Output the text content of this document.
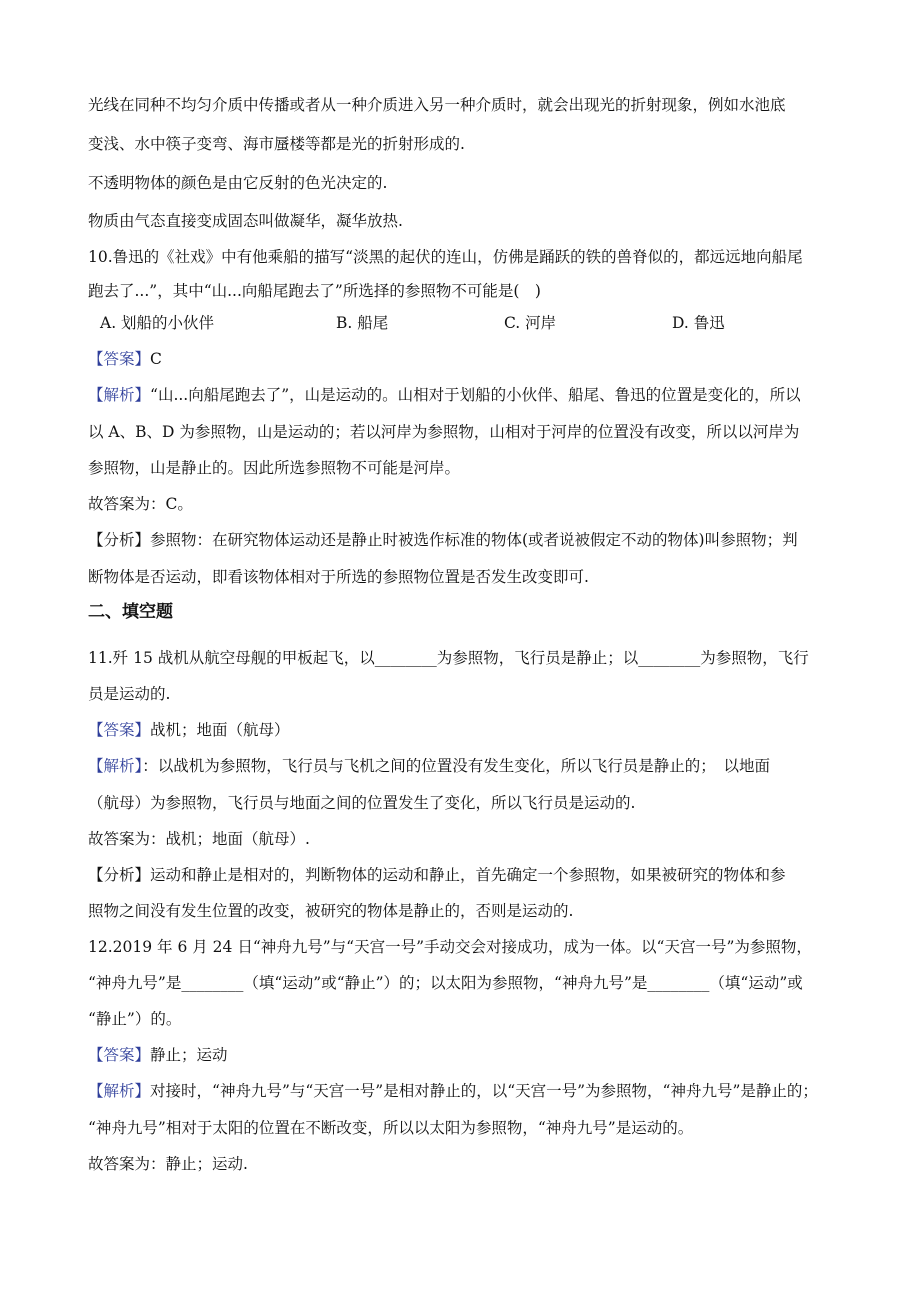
光线在同种不均匀介质中传播或者从一种介质进入另一种介质时，就会出现光的折射现象，例如水池底
变浅、水中筷子变弯、海市蜃楼等都是光的折射形成的.
不透明物体的颜色是由它反射的色光决定的.
物质由气态直接变成固态叫做凝华，凝华放热.
10.鲁迅的《社戏》中有他乘船的描写“淡黑的起伏的连山，仿佛是踊跃的铁的兽脊似的，都远远地向船尾
跑去了...”，其中“山...向船尾跑去了”所选择的参照物不可能是(　)
A. 划船的小伙伴	B. 船尾	C. 河岸	D. 鲁迅
【答案】C
【解析】“山...向船尾跑去了”，山是运动的。山相对于划船的小伙伴、船尾、鲁迅的位置是变化的，所以
以 A、B、D 为参照物，山是运动的；若以河岸为参照物，山相对于河岸的位置没有改变，所以以河岸为
参照物，山是静止的。因此所选参照物不可能是河岸。
故答案为：C。
【分析】参照物：在研究物体运动还是静止时被选作标准的物体(或者说被假定不动的物体)叫参照物；判
断物体是否运动，即看该物体相对于所选的参照物位置是否发生改变即可.
二、填空题
11.歼 15 战机从航空母舰的甲板起飞，以________为参照物，飞行员是静止；以________为参照物，飞行
员是运动的.
【答案】战机；地面（航母）
【解析】：以战机为参照物，飞行员与飞机之间的位置没有发生变化，所以飞行员是静止的；　以地面
（航母）为参照物，飞行员与地面之间的位置发生了变化，所以飞行员是运动的.
故答案为：战机；地面（航母）.
【分析】运动和静止是相对的，判断物体的运动和静止，首先确定一个参照物，如果被研究的物体和参
照物之间没有发生位置的改变，被研究的物体是静止的，否则是运动的.
12.2019 年 6 月 24 日“神舟九号”与“天宫一号”手动交会对接成功，成为一体。以“天宫一号”为参照物，
“神舟九号”是________（填“运动”或“静止”）的；以太阳为参照物，“神舟九号”是________（填“运动”或
“静止”）的。
【答案】静止；运动
【解析】对接时，“神舟九号”与“天宫一号”是相对静止的，以“天宫一号”为参照物，“神舟九号”是静止的；
“神舟九号”相对于太阳的位置在不断改变，所以以太阳为参照物，“神舟九号”是运动的。
故答案为：静止；运动.
